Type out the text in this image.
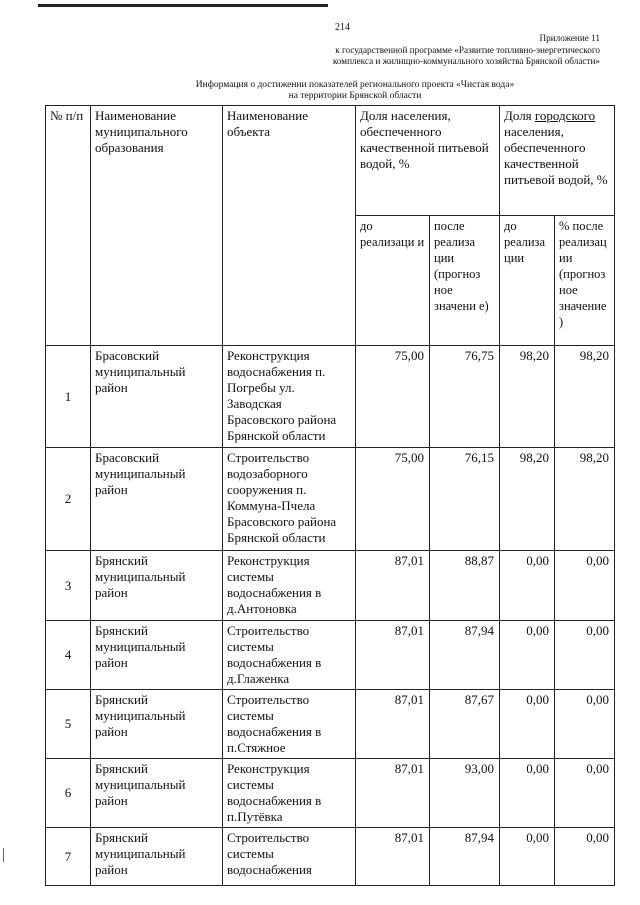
214
Приложение 11
к государственной программе «Развитие топливно-энергетического
комплекса и жилищно-коммунального хозяйства Брянской области»
Информация о достижении показателей регионального проекта «Чистая вода»
на территории Брянской области
№ п/п	Наименование муниципального образования	Наименование объекта	Доля населения, обеспеченного качественной питьевой водой, %		Доля городского населения, обеспеченного качественной питьевой водой, %	
			до реализаци и	после реализа ции (прогноз ное значени е)	до реализа ции	% после реализац ии (прогноз ное значение )
1	Брасовский муниципальный район	Реконструкция водоснабжения п. Погребы ул. Заводская Брасовского района Брянской области	75,00	76,75	98,20	98,20
2	Брасовский муниципальный район	Строительство водозаборного сооружения п. Коммуна-Пчела Брасовского района Брянской области	75,00	76,15	98,20	98,20
3	Брянский муниципальный район	Реконструкция системы водоснабжения в д.Антоновка	87,01	88,87	0,00	0,00
4	Брянский муниципальный район	Строительство системы водоснабжения в д.Глаженка	87,01	87,94	0,00	0,00
5	Брянский муниципальный район	Строительство системы водоснабжения в п.Стяжное	87,01	87,67	0,00	0,00
6	Брянский муниципальный район	Реконструкция системы водоснабжения в п.Путёвка	87,01	93,00	0,00	0,00
7	Брянский муниципальный район	Строительство системы водоснабжения	87,01	87,94	0,00	0,00
